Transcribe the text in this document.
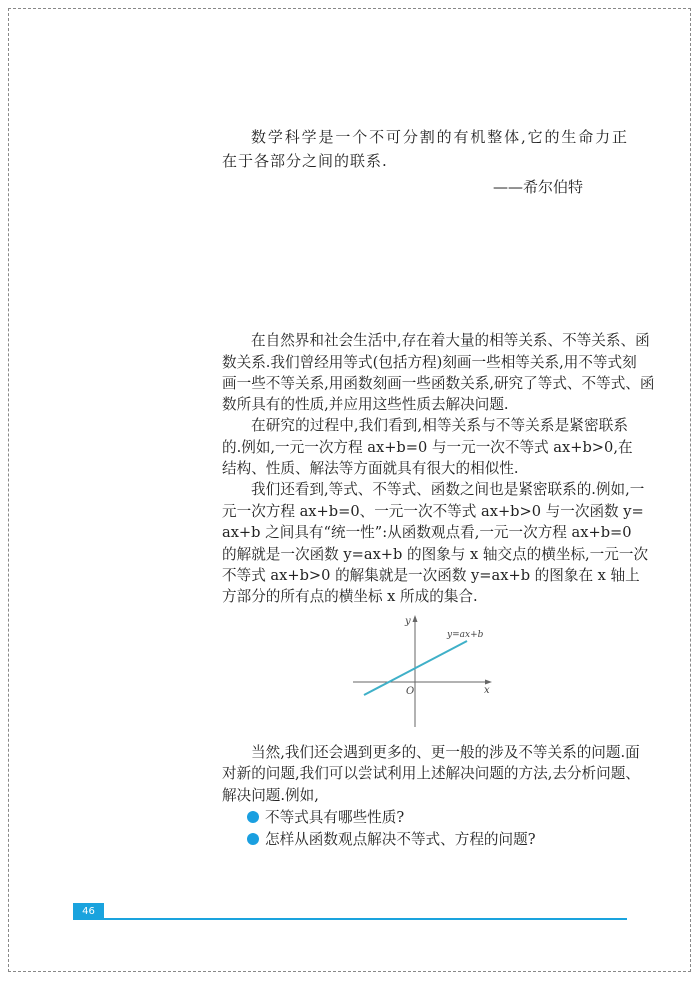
数学科学是一个不可分割的有机整体,它的生命力正
在于各部分之间的联系.
——希尔伯特
在自然界和社会生活中,存在着大量的相等关系、不等关系、函
数关系.我们曾经用等式(包括方程)刻画一些相等关系,用不等式刻
画一些不等关系,用函数刻画一些函数关系,研究了等式、不等式、函
数所具有的性质,并应用这些性质去解决问题.
在研究的过程中,我们看到,相等关系与不等关系是紧密联系
的.例如,一元一次方程 ax+b=0 与一元一次不等式 ax+b>0,在
结构、性质、解法等方面就具有很大的相似性.
我们还看到,等式、不等式、函数之间也是紧密联系的.例如,一
元一次方程 ax+b=0、一元一次不等式 ax+b>0 与一次函数 y=
ax+b 之间具有“统一性”:从函数观点看,一元一次方程 ax+b=0
的解就是一次函数 y=ax+b 的图象与 x 轴交点的横坐标,一元一次
不等式 ax+b>0 的解集就是一次函数 y=ax+b 的图象在 x 轴上
方部分的所有点的横坐标 x 所成的集合.
当然,我们还会遇到更多的、更一般的涉及不等关系的问题.面
对新的问题,我们可以尝试利用上述解决问题的方法,去分析问题、
解决问题.例如,
y
x
O
y=ax+b
不等式具有哪些性质?
怎样从函数观点解决不等式、方程的问题?
46
